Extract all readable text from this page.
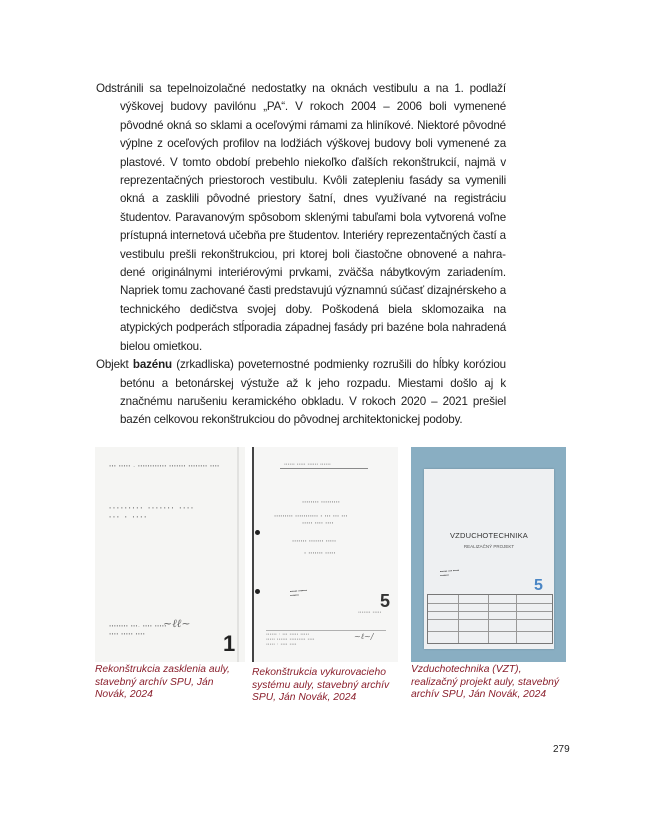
Odstránili sa tepelnoizolačné nedostatky na oknách vestibulu a na 1. podlaží výškovej budovy pavilónu „PA“. V rokoch 2004 – 2006 boli vymenené pôvodné okná so sklami a oceľovými rámami za hliníkové. Niektoré pôvodné výplne z oceľových profilov na lodžiách výškovej budovy boli vymenené za plastové. V tomto období prebehlo niekoľko ďalších rekonštrukcií, najmä v reprezentačných priestoroch vestibulu. Kvôli zatepleniu fasády sa vymenili okná a zasklili pôvodné priestory šatní, dnes využívané na registráciu študentov. Paravanovým spôsobom sklenými tabuľami bola vytvorená voľne prístupná internetová učebňa pre študentov. Interiéry reprezentačných častí a vestibulu prešli rekonštrukciou, pri ktorej boli čiastočne obnovené a nahradené originálnymi interiérovými prvkami, zväčša nábytkovým zariadením. Napriek tomu zachované časti predstavujú významnú súčasť dizajnérskeho a technického dedičstva svojej doby. Poškodená biela sklomozaika na atypických podperách stĺporadia západnej fasády pri bazéne bola nahradená bielou omietkou.

Objekt bazénu (zrkadliska) poveternostné podmienky rozrušili do hĺbky koróziou betónu a betonárskej výstuže až k jeho rozpadu. Miestami došlo aj k značnému narušeniu keramického obkladu. V rokoch 2020 – 2021 prešiel bazén celkovou rekonštrukciou do pôvodnej architektonickej podoby.

▪▪▪ ▪▪▪▪▪ - ▪▪▪▪▪▪▪▪▪▪▪▪ ▪▪▪▪▪▪▪ ▪▪▪▪▪▪▪▪ ▪▪▪▪
▪▪▪▪▪▪▪▪▪ ▪▪▪▪▪▪▪ ▪▪▪▪
▪▪▪ ▪ ▪▪▪▪
▪▪▪▪▪▪▪▪ ▪▪▪. ▪▪▪▪ ▪▪▪▪▪
▪▪▪▪ ▪▪▪▪▪ ▪▪▪▪
~ℓℓ~
1
▪▪▪▪▪▪ ▪▪▪▪▪ ▪▪▪▪▪▪ ▪▪▪▪▪▪
▪▪▪▪▪▪▪▪ ▪▪▪▪▪▪▪▪▪
▪▪▪▪▪▪▪▪▪ ▪▪▪▪▪▪▪▪▪▪▪ ▪ ▪▪▪ ▪▪▪ ▪▪▪
▪▪▪▪▪ ▪▪▪▪ ▪▪▪▪
▪▪▪▪▪▪▪ ▪▪▪▪▪▪▪ ▪▪▪▪▪
▪ ▪▪▪▪▪▪▪ ▪▪▪▪▪
▪▪▪▪▪▪ ▪▪▪▪▪▪▪
▪▪▪▪▪▪▪	5
▪▪▪▪▪▪▪ ▪▪▪▪▪
▪▪▪▪▪▪ : ▪▪▪ ▪▪▪▪▪ ▪▪▪▪▪
▪▪▪▪▪ ▪▪▪▪▪▪ ▪▪▪▪▪▪▪▪▪ ▪▪▪▪
▪▪▪▪▪ : ▪▪▪▪ ▪▪▪▪
~ℓ~/
VZDUCHOTECHNIKA
REALIZAČNÝ PROJEKT
▪▪▪▪▪▪ ▪▪▪ ▪▪▪▪▪
▪▪▪▪▪▪▪
5
Rekonštrukcia zasklenia auly, stavebný archív SPU, Ján Novák, 2024
Rekonštrukcia vykurovacieho systému auly, stavebný archív SPU, Ján Novák, 2024
Vzduchotechnika (VZT), realizačný projekt auly, stavebný archív SPU, Ján Novák, 2024
279
